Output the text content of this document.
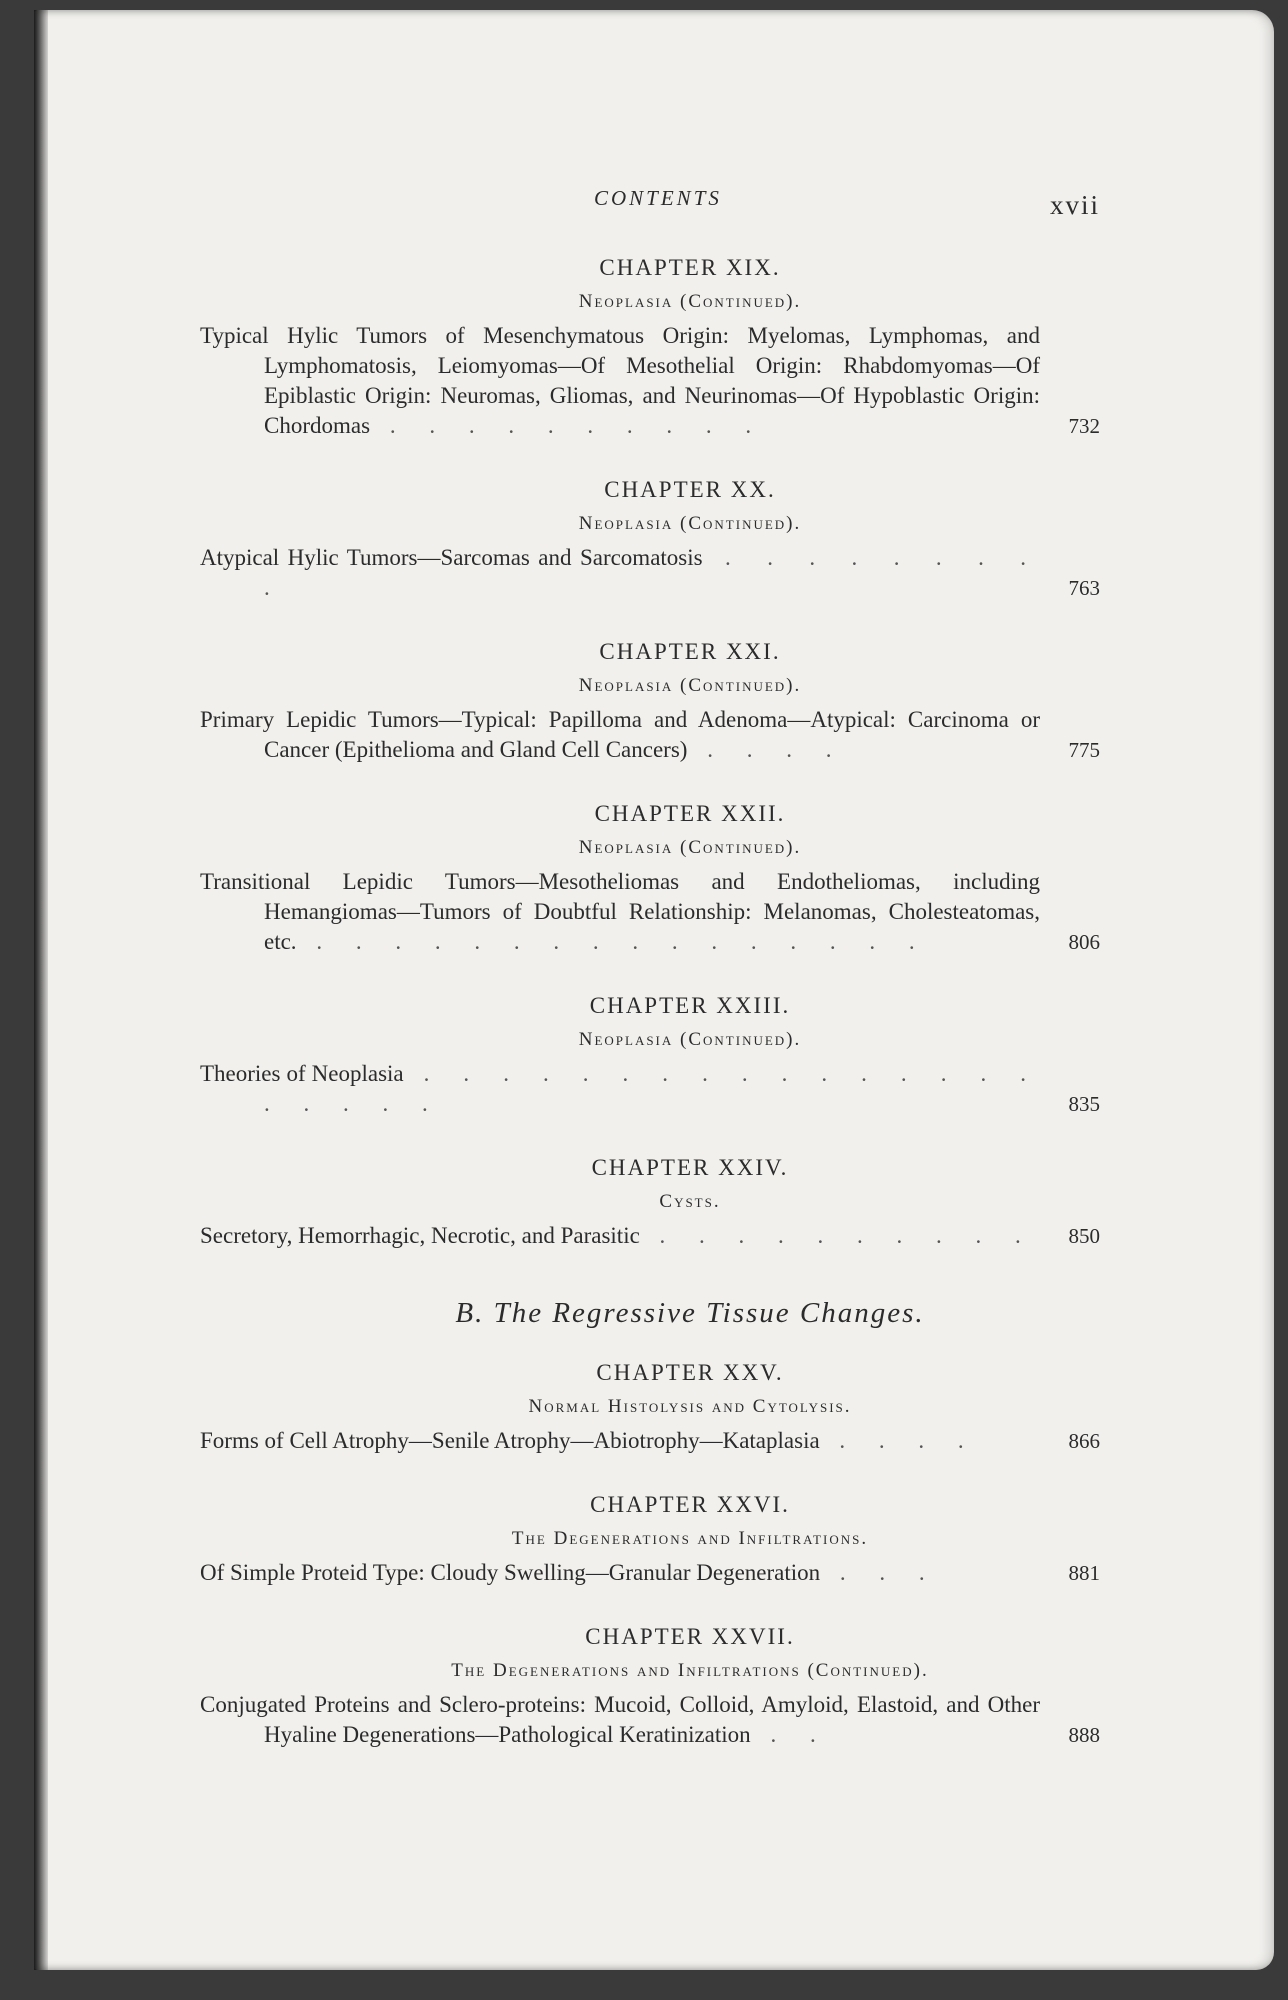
CONTENTS	xvii
CHAPTER XIX.
Neoplasia (Continued).
Typical Hylic Tumors of Mesenchymatous Origin: Myelomas, Lymphomas, and Lymphomatosis, Leiomyomas—Of Mesothelial Origin: Rhabdomyomas—Of Epiblastic Origin: Neuromas, Gliomas, and Neurinomas—Of Hypoblastic Origin: Chordomas . . . . . . . . . .	732
CHAPTER XX.
Neoplasia (Continued).
Atypical Hylic Tumors—Sarcomas and Sarcomatosis . . . . . . . . .	763
CHAPTER XXI.
Neoplasia (Continued).
Primary Lepidic Tumors—Typical: Papilloma and Adenoma—Atypical: Carcinoma or Cancer (Epithelioma and Gland Cell Cancers) . . . .	775
CHAPTER XXII.
Neoplasia (Continued).
Transitional Lepidic Tumors—Mesotheliomas and Endotheliomas, including Hemangiomas—Tumors of Doubtful Relationship: Melanomas, Cholesteatomas, etc. . . . . . . . . . . . . . . . .	806
CHAPTER XXIII.
Neoplasia (Continued).
Theories of Neoplasia . . . . . . . . . . . . . . . . . . . . .	835
CHAPTER XXIV.
Cysts.
Secretory, Hemorrhagic, Necrotic, and Parasitic . . . . . . . . . . 850
B. The Regressive Tissue Changes.
CHAPTER XXV.
Normal Histolysis and Cytolysis.
Forms of Cell Atrophy—Senile Atrophy—Abiotrophy—Kataplasia . . . .	866
CHAPTER XXVI.
The Degenerations and Infiltrations.
Of Simple Proteid Type: Cloudy Swelling—Granular Degeneration . . .	881
CHAPTER XXVII.
The Degenerations and Infiltrations (Continued).
Conjugated Proteins and Sclero-proteins: Mucoid, Colloid, Amyloid, Elastoid, and Other Hyaline Degenerations—Pathological Keratinization . .	888
